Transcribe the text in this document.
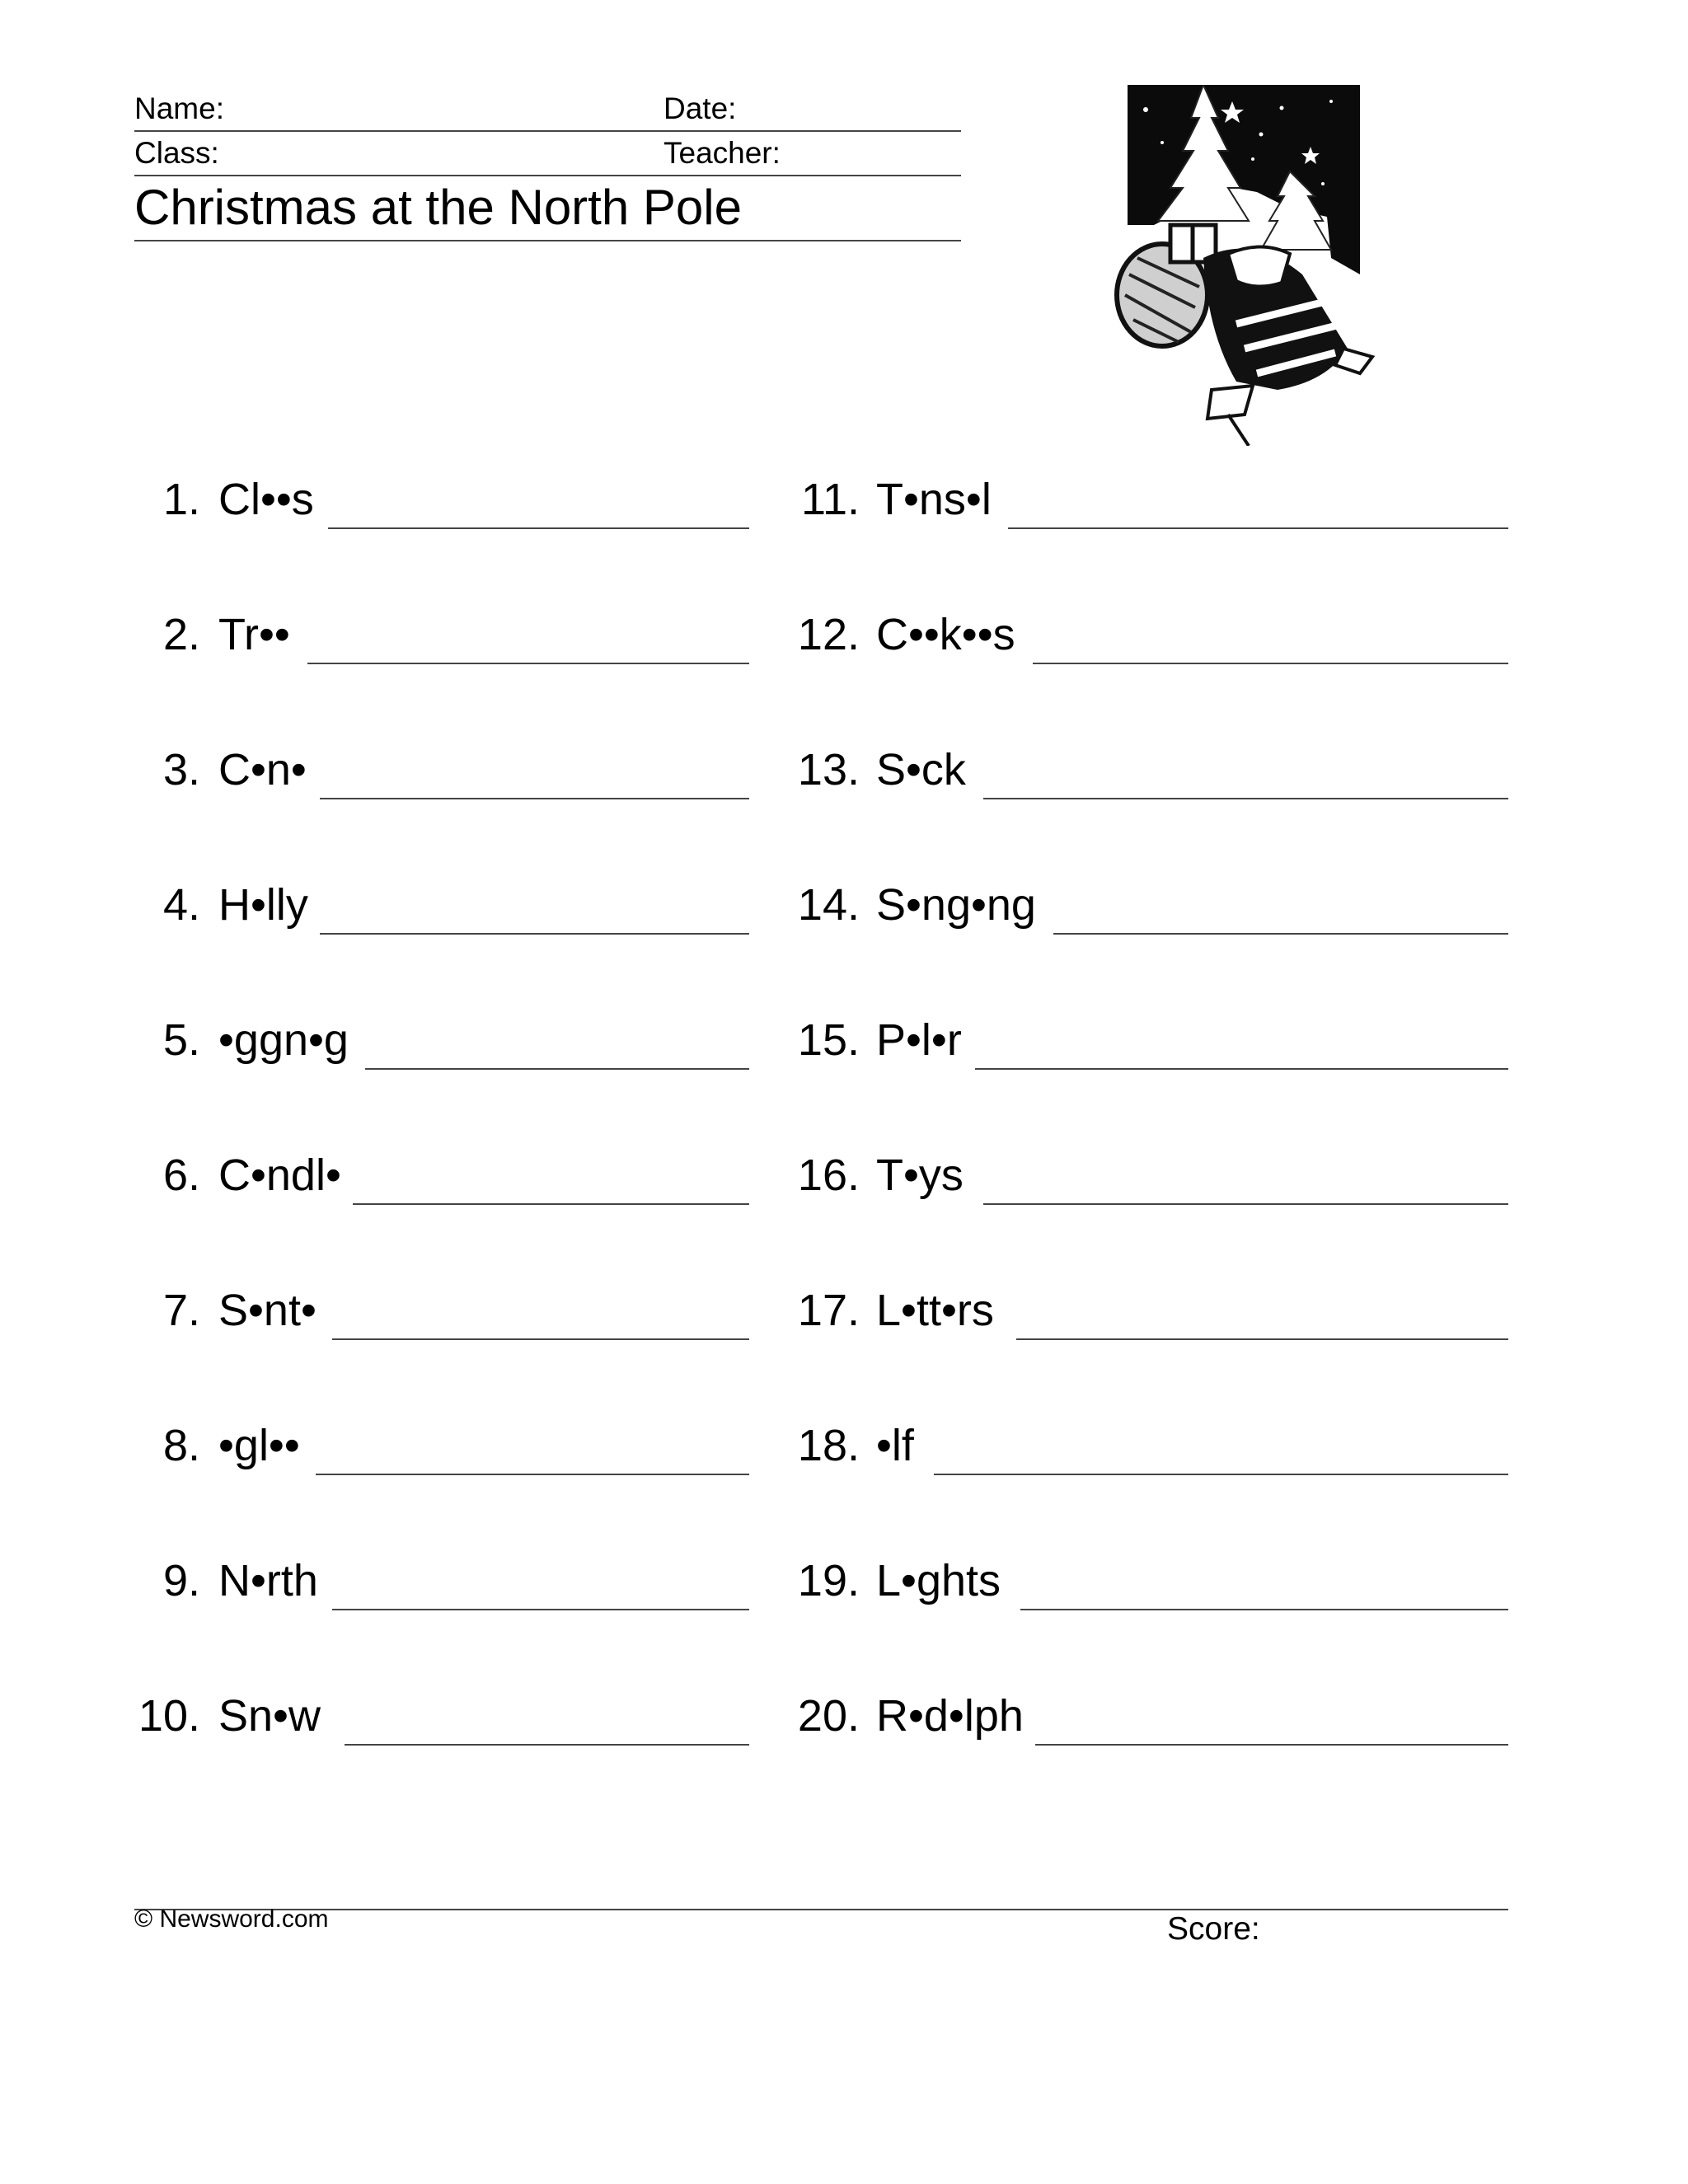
Name:	Date:
Class:	Teacher:
Christmas at the North Pole
1. Cl••s
2. Tr••
3. C•n•
4. H•lly
5. •ggn•g
6. C•ndl•
7. S•nt•
8. •gl••
9. N•rth
10. Sn•w
11. T•ns•l
12. C••k••s
13. S•ck
14. S•ng•ng
15. P•l•r
16. T•ys
17. L•tt•rs
18. •lf
19. L•ghts
20. R•d•lph
© Newsword.com	Score:
